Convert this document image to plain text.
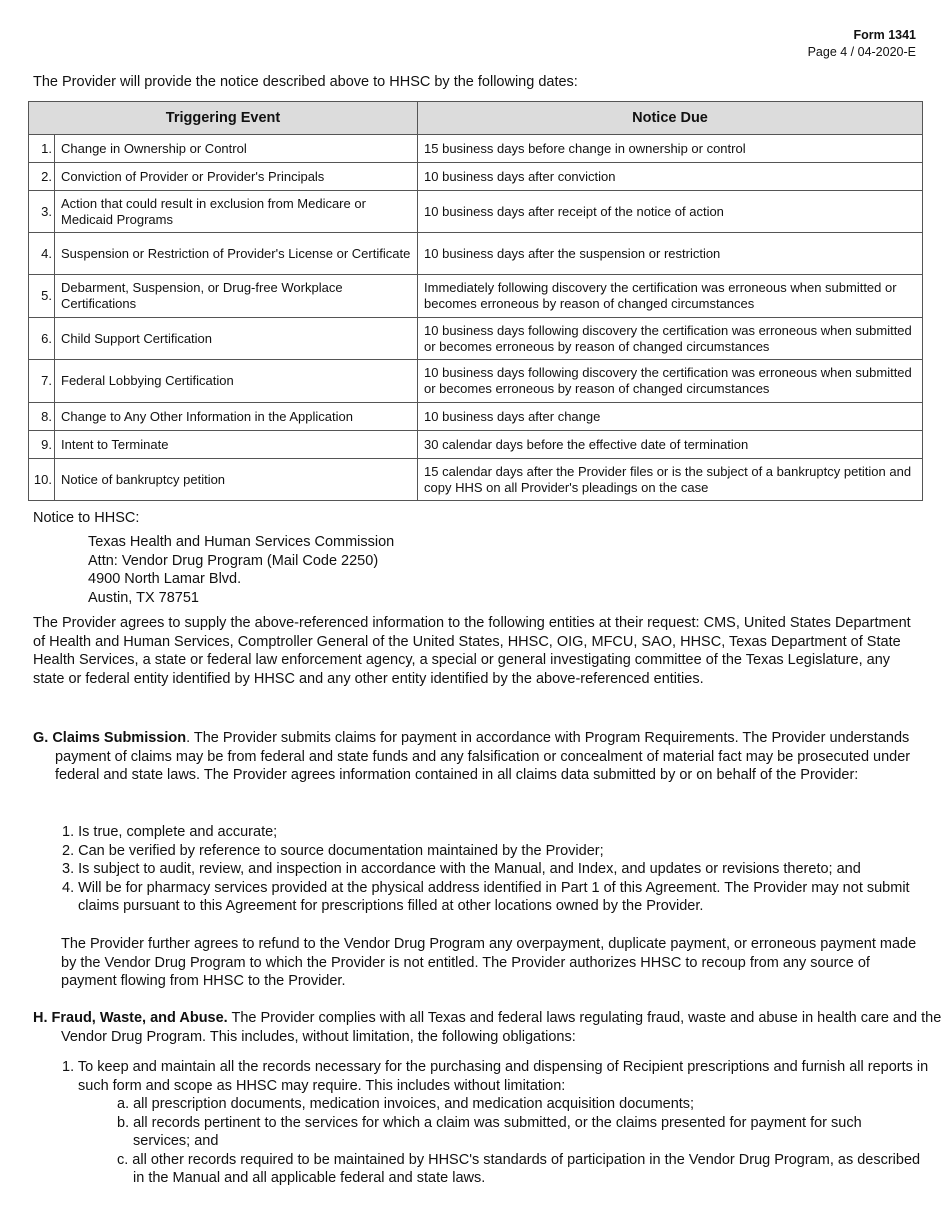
Form 1341
Page 4 / 04-2020-E
The Provider will provide the notice described above to HHSC by the following dates:
Triggering Event		Notice Due
1.	Change in Ownership or Control	15 business days before change in ownership or control
2.	Conviction of Provider or Provider's Principals	10 business days after conviction
3.	Action that could result in exclusion from Medicare or Medicaid Programs	10 business days after receipt of the notice of action
4.	Suspension or Restriction of Provider's License or Certificate	10 business days after the suspension or restriction
5.	Debarment, Suspension, or Drug-free Workplace Certifications	Immediately following discovery the certification was erroneous when submitted or becomes erroneous by reason of changed circumstances
6.	Child Support Certification	10 business days following discovery the certification was erroneous when submitted or becomes erroneous by reason of changed circumstances
7.	Federal Lobbying Certification	10 business days following discovery the certification was erroneous when submitted or becomes erroneous by reason of changed circumstances
8.	Change to Any Other Information in the Application	10 business days after change
9.	Intent to Terminate	30 calendar days before the effective date of termination
10.	Notice of bankruptcy petition	15 calendar days after the Provider files or is the subject of a bankruptcy petition and copy HHS on all Provider's pleadings on the case
Notice to HHSC:
Texas Health and Human Services Commission
Attn: Vendor Drug Program (Mail Code 2250)
4900 North Lamar Blvd.
Austin, TX 78751
The Provider agrees to supply the above-referenced information to the following entities at their request: CMS, United States Department of Health and Human Services, Comptroller General of the United States, HHSC, OIG, MFCU, SAO, HHSC, Texas Department of State Health Services, a state or federal law enforcement agency, a special or general investigating committee of the Texas Legislature, any state or federal entity identified by HHSC and any other entity identified by the above-referenced entities.
G. Claims Submission. The Provider submits claims for payment in accordance with Program Requirements. The Provider understands payment of claims may be from federal and state funds and any falsification or concealment of material fact may be prosecuted under federal and state laws. The Provider agrees information contained in all claims data submitted by or on behalf of the Provider:
1. Is true, complete and accurate;
2. Can be verified by reference to source documentation maintained by the Provider;
3. Is subject to audit, review, and inspection in accordance with the Manual, and Index, and updates or revisions thereto; and
4. Will be for pharmacy services provided at the physical address identified in Part 1 of this Agreement. The Provider may not submit claims pursuant to this Agreement for prescriptions filled at other locations owned by the Provider.
The Provider further agrees to refund to the Vendor Drug Program any overpayment, duplicate payment, or erroneous payment made by the Vendor Drug Program to which the Provider is not entitled. The Provider authorizes HHSC to recoup from any source of payment flowing from HHSC to the Provider.
H. Fraud, Waste, and Abuse. The Provider complies with all Texas and federal laws regulating fraud, waste and abuse in health care and the Vendor Drug Program. This includes, without limitation, the following obligations:
1. To keep and maintain all the records necessary for the purchasing and dispensing of Recipient prescriptions and furnish all reports in such form and scope as HHSC may require. This includes without limitation:
a. all prescription documents, medication invoices, and medication acquisition documents;
b. all records pertinent to the services for which a claim was submitted, or the claims presented for payment for such services; and
c. all other records required to be maintained by HHSC's standards of participation in the Vendor Drug Program, as described in the Manual and all applicable federal and state laws.
